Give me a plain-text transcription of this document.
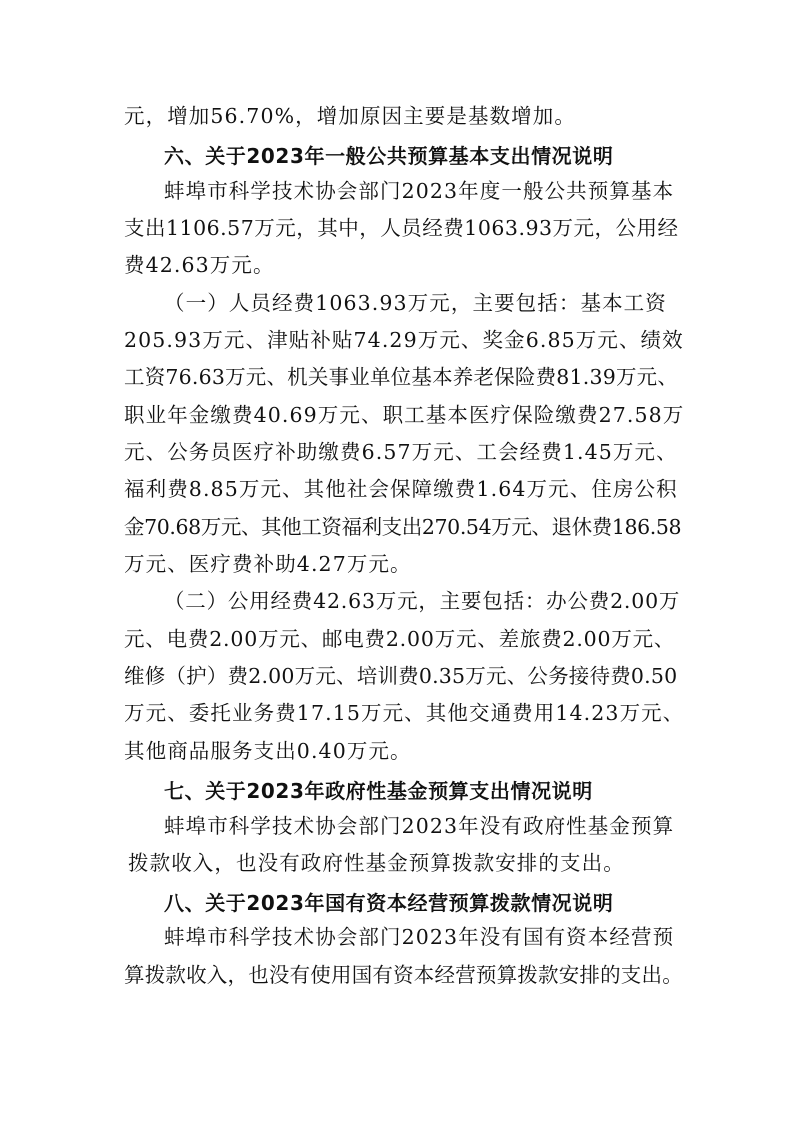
元，增加56.70%，增加原因主要是基数增加。
六、关于2023年一般公共预算基本支出情况说明
蚌埠市科学技术协会部门2023年度一般公共预算基本
支出1106.57万元，其中，人员经费1063.93万元，公用经
费42.63万元。
（一）人员经费1063.93万元，主要包括：基本工资
205.93万元、津贴补贴74.29万元、奖金6.85万元、绩效
工资76.63万元、机关事业单位基本养老保险费81.39万元、
职业年金缴费40.69万元、职工基本医疗保险缴费27.58万
元、公务员医疗补助缴费6.57万元、工会经费1.45万元、
福利费8.85万元、其他社会保障缴费1.64万元、住房公积
金70.68万元、其他工资福利支出270.54万元、退休费186.58
万元、医疗费补助4.27万元。
（二）公用经费42.63万元，主要包括：办公费2.00万
元、电费2.00万元、邮电费2.00万元、差旅费2.00万元、
维修（护）费2.00万元、培训费0.35万元、公务接待费0.50
万元、委托业务费17.15万元、其他交通费用14.23万元、
其他商品服务支出0.40万元。
七、关于2023年政府性基金预算支出情况说明
蚌埠市科学技术协会部门2023年没有政府性基金预算
拨款收入，也没有政府性基金预算拨款安排的支出。
八、关于2023年国有资本经营预算拨款情况说明
蚌埠市科学技术协会部门2023年没有国有资本经营预
算拨款收入，也没有使用国有资本经营预算拨款安排的支出。
